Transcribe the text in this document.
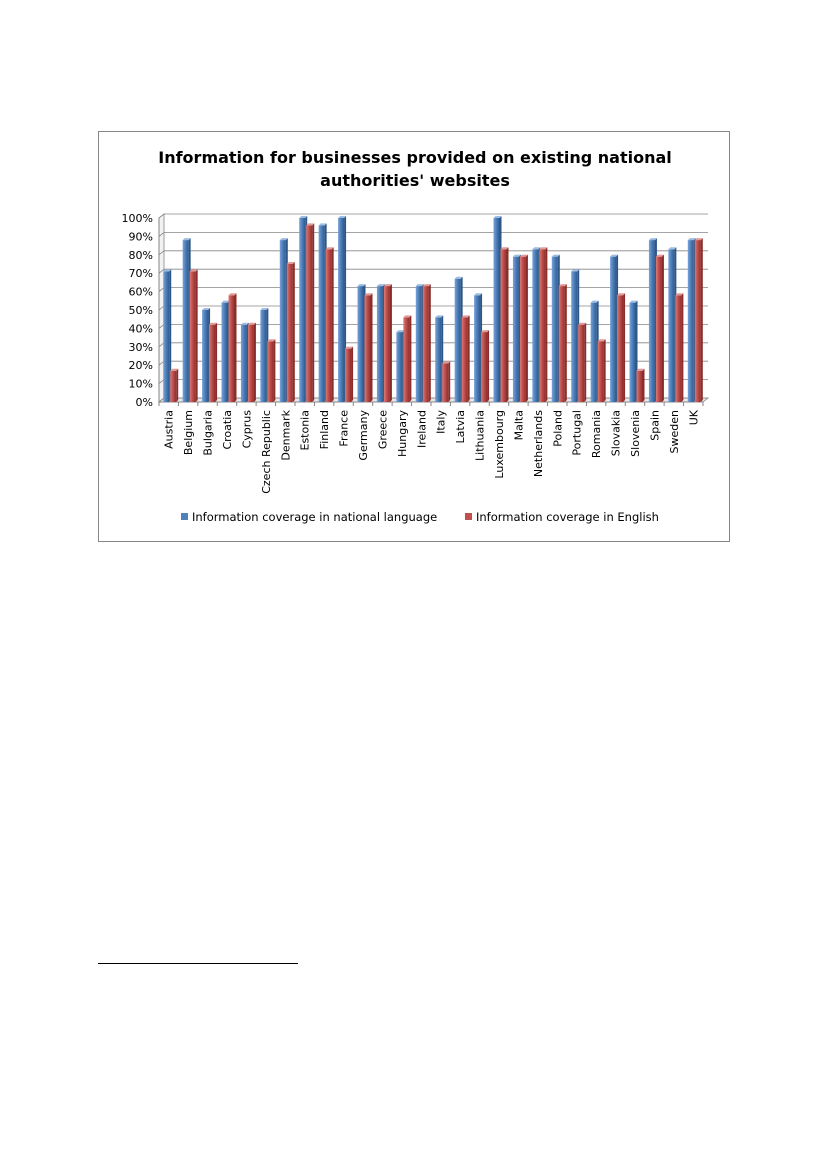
Information for businesses provided on existing national
authorities' websites
0%
10%
20%
30%
40%
50%
60%
70%
80%
90%
100%
Austria Belgium Bulgaria Croatia Cyprus Czech Republic Denmark Estonia Finland France Germany Greece Hungary Ireland Italy Latvia Lithuania Luxembourg Malta Netherlands Poland Portugal Romania Slovakia Slovenia Spain Sweden UK
Information coverage in national language	Information coverage in English
